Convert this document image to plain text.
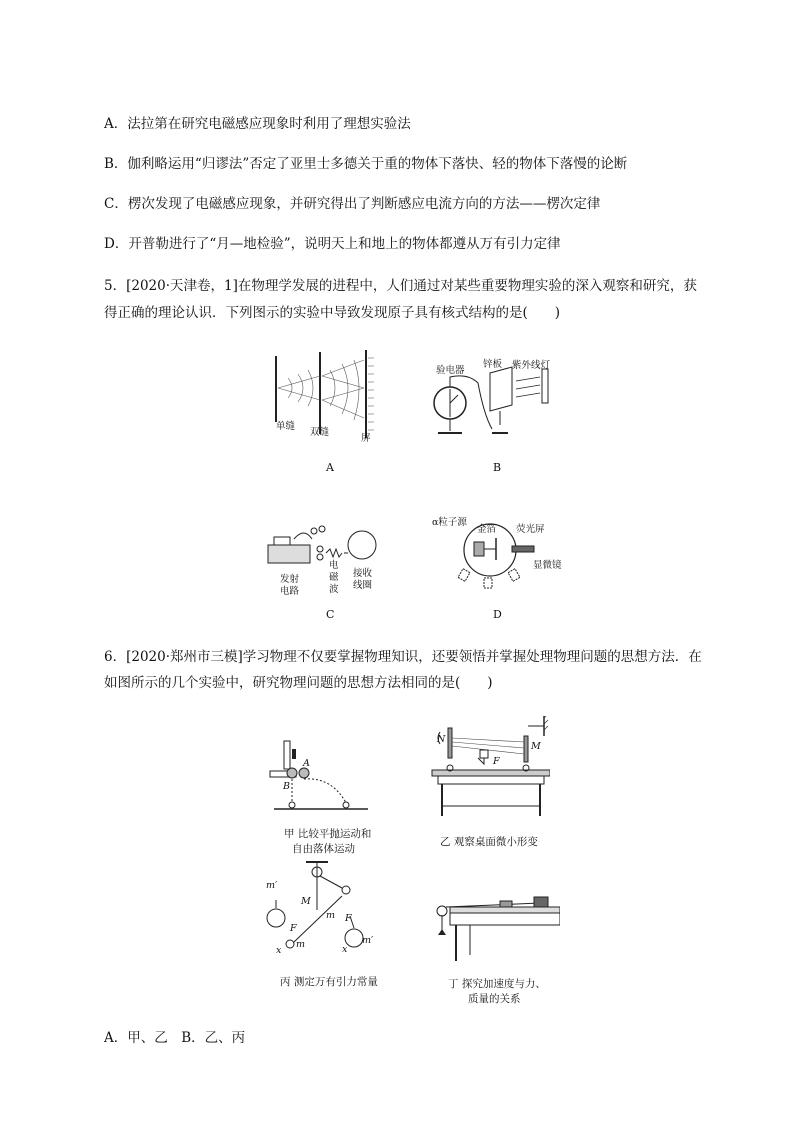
A．法拉第在研究电磁感应现象时利用了理想实验法
B．伽利略运用“归谬法”否定了亚里士多德关于重的物体下落快、轻的物体下落慢的论断
C．楞次发现了电磁感应现象，并研究得出了判断感应电流方向的方法——楞次定律
D．开普勒进行了“月—地检验”，说明天上和地上的物体都遵从万有引力定律
5．[2020·天津卷，1]在物理学发展的进程中，人们通过对某些重要物理实验的深入观察和研究，获
得正确的理论认识．下列图示的实验中导致发现原子具有核式结构的是(　　)
单缝
双缝
屏
A
验电器
锌板 紫外线灯
B
发射
电路
电
磁
波
接收
线圈
C
α粒子源
金箔 荧光屏
显微镜
D
6．[2020·郑州市三模]学习物理不仅要掌握物理知识，还要领悟并掌握处理物理问题的思想方法．在
如图所示的几个实验中，研究物理问题的思想方法相同的是(　　)
A
B
甲 比较平抛运动和
自由落体运动
N
M
F
乙 观察桌面微小形变
m′
M
F
m
x
m
F
m′
x
丙 测定万有引力常量	丁 探究加速度与力、
质量的关系
A．甲、乙　B．乙、丙
